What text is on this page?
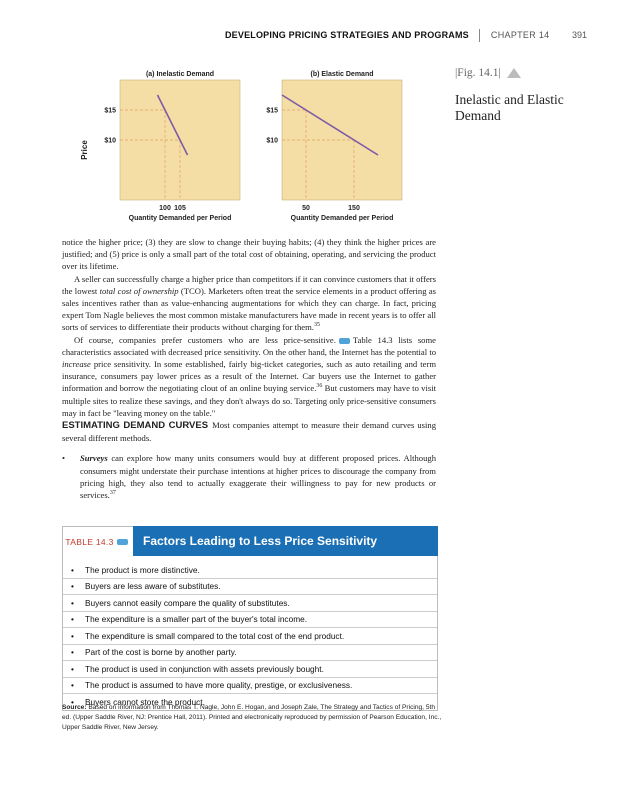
DEVELOPING PRICING STRATEGIES AND PROGRAMS CHAPTER 14	391
Price
(a) Inelastic Demand
$15
$10
100 105
Quantity Demanded per Period
(b) Elastic Demand
$15
$10
50	150
Quantity Demanded per Period
|Fig. 14.1|
Inelastic and Elastic Demand

notice the higher price; (3) they are slow to change their buying habits; (4) they think the higher prices are justified; and (5) price is only a small part of the total cost of obtaining, operating, and servicing the product over its lifetime.

A seller can successfully charge a higher price than competitors if it can convince customers that it offers the lowest total cost of ownership (TCO). Marketers often treat the service elements in a product offering as sales incentives rather than as value-enhancing augmentations for which they can charge. In fact, pricing expert Tom Nagle believes the most common mistake manufacturers have made in recent years is to offer all sorts of services to differentiate their products without charging for them.$^{35}$

Of course, companies prefer customers who are less price-sensitive. Table 14.3 lists some characteristics associated with decreased price sensitivity. On the other hand, the Internet has the potential to increase price sensitivity. In some established, fairly big-ticket categories, such as auto retailing and term insurance, consumers pay lower prices as a result of the Internet. Car buyers use the Internet to gather information and borrow the negotiating clout of an online buying service.$^{36}$ But customers may have to visit multiple sites to realize these savings, and they don't always do so. Targeting only price-sensitive consumers may in fact be "leaving money on the table."

ESTIMATING DEMAND CURVES Most companies attempt to measure their demand curves using several different methods.

• Surveys can explore how many units consumers would buy at different proposed prices. Although consumers might understate their purchase intentions at higher prices to discourage the company from pricing high, they also tend to actually exaggerate their willingness to pay for new products or services.$^{37}$
TABLE 14.3	Factors Leading to Less Price Sensitivity
•	The product is more distinctive.
•	Buyers are less aware of substitutes.
•	Buyers cannot easily compare the quality of substitutes.
•	The expenditure is a smaller part of the buyer's total income.
•	The expenditure is small compared to the total cost of the end product.
•	Part of the cost is borne by another party.
•	The product is used in conjunction with assets previously bought.
•	The product is assumed to have more quality, prestige, or exclusiveness.
•	Buyers cannot store the product.
Source: Based on information from Thomas T. Nagle, John E. Hogan, and Joseph Zale, The Strategy and Tactics of Pricing, 5th ed. (Upper Saddle River, NJ: Prentice Hall, 2011). Printed and electronically reproduced by permission of Pearson Education, Inc., Upper Saddle River, New Jersey.
